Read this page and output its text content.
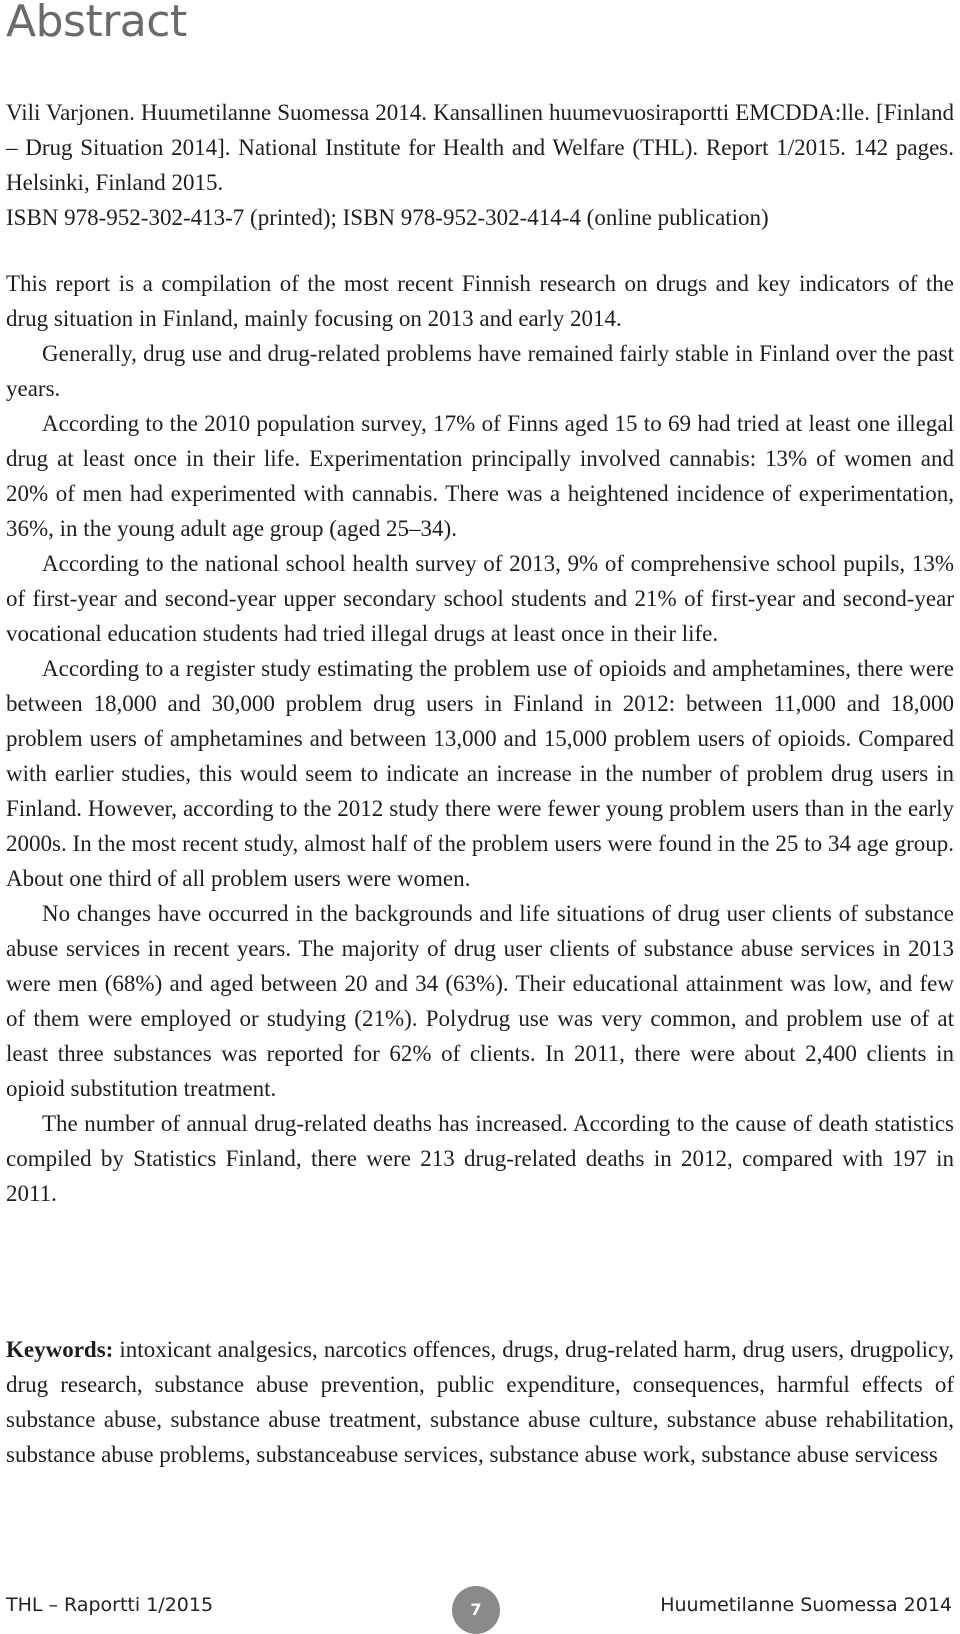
Abstract

Vili Varjonen. Huumetilanne Suomessa 2014. Kansallinen huumevuosiraportti EMCDDA:lle. [Finland – Drug Situation 2014]. National Institute for Health and Welfare (THL). Report 1/2015. 142 pages. Helsinki, Finland 2015.

ISBN 978-952-302-413-7 (printed); ISBN 978-952-302-414-4 (online publication)

This report is a compilation of the most recent Finnish research on drugs and key indicators of the drug situation in Finland, mainly focusing on 2013 and early 2014.

Generally, drug use and drug-related problems have remained fairly stable in Finland over the past years.

According to the 2010 population survey, 17% of Finns aged 15 to 69 had tried at least one illegal drug at least once in their life. Experimentation principally involved cannabis: 13% of women and 20% of men had experimented with cannabis. There was a heightened incidence of experimentation, 36%, in the young adult age group (aged 25–34).

According to the national school health survey of 2013, 9% of comprehensive school pupils, 13% of first-year and second-year upper secondary school students and 21% of first-year and second-year vocational education students had tried illegal drugs at least once in their life.

According to a register study estimating the problem use of opioids and amphetamines, there were between 18,000 and 30,000 problem drug users in Finland in 2012: between 11,000 and 18,000 problem users of amphetamines and between 13,000 and 15,000 problem users of opioids. Compared with earlier studies, this would seem to indicate an increase in the number of problem drug users in Finland. However, according to the 2012 study there were fewer young problem users than in the early 2000s. In the most recent study, almost half of the problem users were found in the 25 to 34 age group. About one third of all problem users were women.

No changes have occurred in the backgrounds and life situations of drug user clients of substance abuse services in recent years. The majority of drug user clients of substance abuse services in 2013 were men (68%) and aged between 20 and 34 (63%). Their educational attainment was low, and few of them were employed or studying (21%). Polydrug use was very common, and problem use of at least three substances was reported for 62% of clients. In 2011, there were about 2,400 clients in opioid substitution treatment.

The number of annual drug-related deaths has increased. According to the cause of death statistics compiled by Statistics Finland, there were 213 drug-related deaths in 2012, compared with 197 in 2011.

Keywords: intoxicant analgesics, narcotics offences, drugs, drug-related harm, drug users, drugpolicy, drug research, substance abuse prevention, public expenditure, consequences, harmful effects of substance abuse, substance abuse treatment, substance abuse culture, substance abuse rehabilitation, substance abuse problems, substanceabuse services, substance abuse work, substance abuse servicess

THL – Raportti 1/2015	7	Huumetilanne Suomessa 2014
